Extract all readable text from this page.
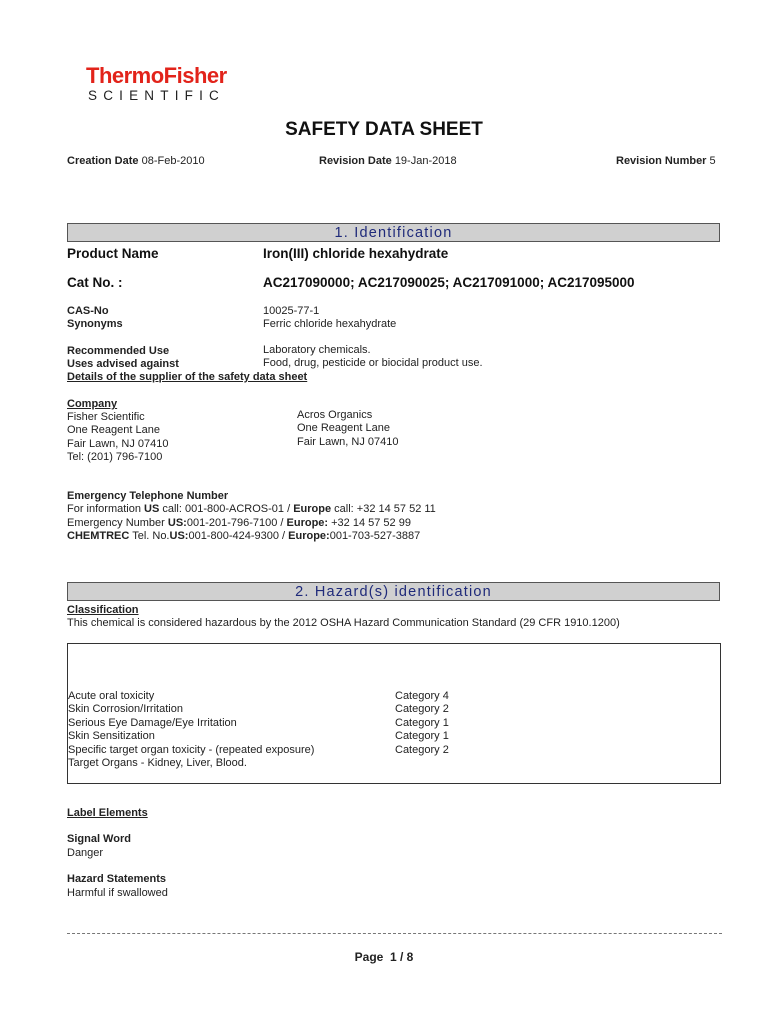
ThermoFisher
SCIENTIFIC
SAFETY DATA SHEET
Creation Date 08-Feb-2010	Revision Date 19-Jan-2018	Revision Number 5
1. Identification
Product Name	Iron(III) chloride hexahydrate
Cat No. :	AC217090000; AC217090025; AC217091000; AC217095000
CAS-No	10025-77-1
Synonyms	Ferric chloride hexahydrate
Recommended Use	Laboratory chemicals.
Uses advised against	Food, drug, pesticide or biocidal product use.
Details of the supplier of the safety data sheet
Company
Fisher Scientific
One Reagent Lane
Fair Lawn, NJ 07410
Tel: (201) 796-7100
Acros Organics
One Reagent Lane
Fair Lawn, NJ 07410
Emergency Telephone Number
For information US call: 001-800-ACROS-01 / Europe call: +32 14 57 52 11
Emergency Number US:001-201-796-7100 / Europe: +32 14 57 52 99
CHEMTREC Tel. No.US:001-800-424-9300 / Europe:001-703-527-3887
2. Hazard(s) identification
Classification
This chemical is considered hazardous by the 2012 OSHA Hazard Communication Standard (29 CFR 1910.1200)
Acute oral toxicity	Category 4
Skin Corrosion/Irritation	Category 2
Serious Eye Damage/Eye Irritation	Category 1
Skin Sensitization	Category 1
Specific target organ toxicity - (repeated exposure)	Category 2
Target Organs - Kidney, Liver, Blood.
Label Elements
Signal Word
Danger
Hazard Statements
Harmful if swallowed
Page 1 / 8
